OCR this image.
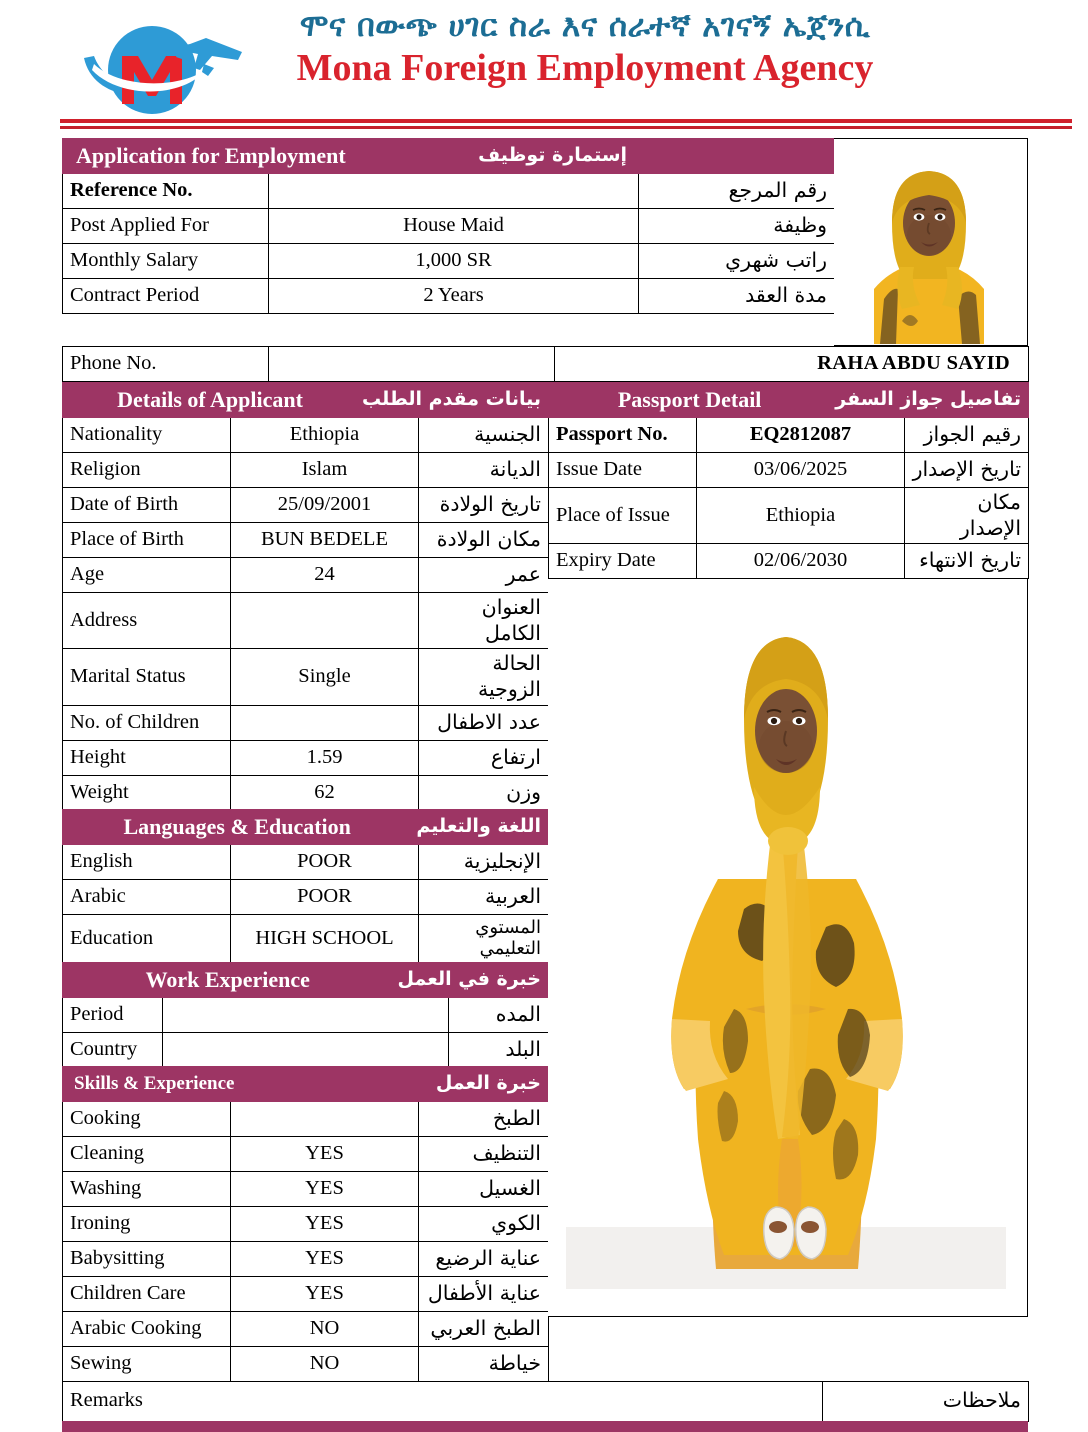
ሞና በውጭ ሀገር ስራ እና ሰራተኛ አገናኝ ኤጀንሲ
Mona Foreign Employment Agency
Application for Employment إستمارة توظيف		

Reference No.		رقم المرجع
Post Applied For	House Maid	وظيفة
Monthly Salary	1,000 SR	راتب شهري
Contract Period	2 Years	مدة العقد
Phone No.		RAHA ABDU SAYID
Details of Applicant بيانات مقدم الطلب		

Nationality	Ethiopia	الجنسية
Religion	Islam	الديانة
Date of Birth	25/09/2001	تاريخ الولادة
Place of Birth	BUN BEDELE	مكان الولادة
Age	24	عمر
Address		العنوان الكامل
Marital Status	Single	الحالة الزوجية
No. of Children		عدد الاطفال
Height	1.59	ارتفاع
Weight	62	وزن
Languages & Education اللغة والتعليم		

English	POOR	الإنجليزية
Arabic	POOR	العربية
Education	HIGH SCHOOL	المستوي التعليمي
Work Experience خبرة في العمل		

Period		المده
Country		البلد
Skills & Experience خبرة العمل		

Cooking		الطبخ
Cleaning	YES	التنظيف
Washing	YES	الغسيل
Ironing	YES	الكوي
Babysitting	YES	عناية الرضيع
Children Care	YES	عناية الأطفال
Arabic Cooking	NO	الطبخ العربي
Sewing	NO	خياطة
Passport Detail تفاصيل جواز السفر		

Passport No.	EQ2812087	رقيم الجواز
Issue Date	03/06/2025	تاريخ الإصدار
Place of Issue	Ethiopia	مكان الإصدار
Expiry Date	02/06/2030	تاريخ الانتهاء
Remarks	ملاحظات
